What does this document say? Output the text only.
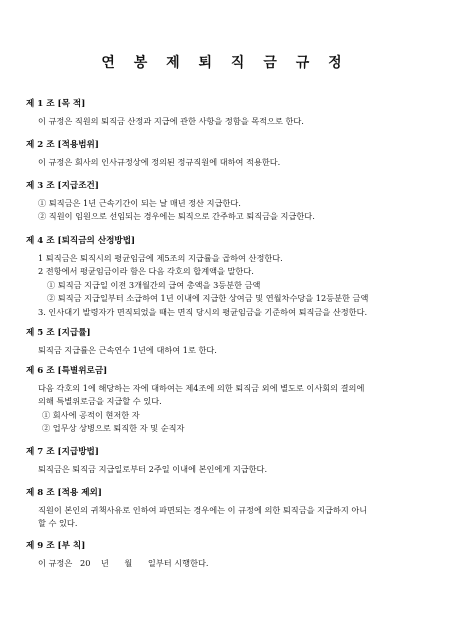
연 봉 제 퇴 직 금 규 정
제 1 조 [목 적]
이 규정은 직원의 퇴직금 산정과 지급에 관한 사항을 정함을 목적으로 한다.
제 2 조 [적용범위]
이 규정은 회사의 인사규정상에 정의된 정규직원에 대하여 적용한다.
제 3 조 [지급조건]
① 퇴직금은 1년 근속기간이 되는 날 매년 정산 지급한다.
② 직원이 임원으로 선임되는 경우에는 퇴직으로 간주하고 퇴직금을 지급한다.
제 4 조 [퇴직금의 산정방법]
1 퇴직금은 퇴직시의 평균임금에 제5조의 지급률을 곱하여 산정한다.
2 전항에서 평균임금이라 함은 다음 각호의 합계액을 말한다.
① 퇴직금 지급일 이전 3개월간의 급여 총액을 3등분한 금액
② 퇴직금 지급일부터 소급하여 1년 이내에 지급한 상여금 및 연월차수당을 12등분한 금액
3. 인사대기 발령자가 면직되었을 때는 면직 당시의 평균임금을 기준하여 퇴직금을 산정한다.
제 5 조 [지급률]
퇴직금 지급률은 근속연수 1년에 대하여 1로 한다.
제 6 조 [특별위로금]
다음 각호의 1에 해당하는 자에 대하여는 제4조에 의한 퇴직금 외에 별도로 이사회의 결의에
의해 특별위로금을 지급할 수 있다.
① 회사에 공적이 현저한 자
② 업무상 상병으로 퇴직한 자 및 순직자
제 7 조 [지급방법]
퇴직금은 퇴직금 지급일로부터 2주일 이내에 본인에게 지급한다.
제 8 조 [적용 제외]
직원이 본인의 귀책사유로 인하여 파면되는 경우에는 이 규정에 의한 퇴직금을 지급하지 아니
할 수 있다.
제 9 조 [부 칙]
이 규정은   20    년      월      일부터 시행한다.
